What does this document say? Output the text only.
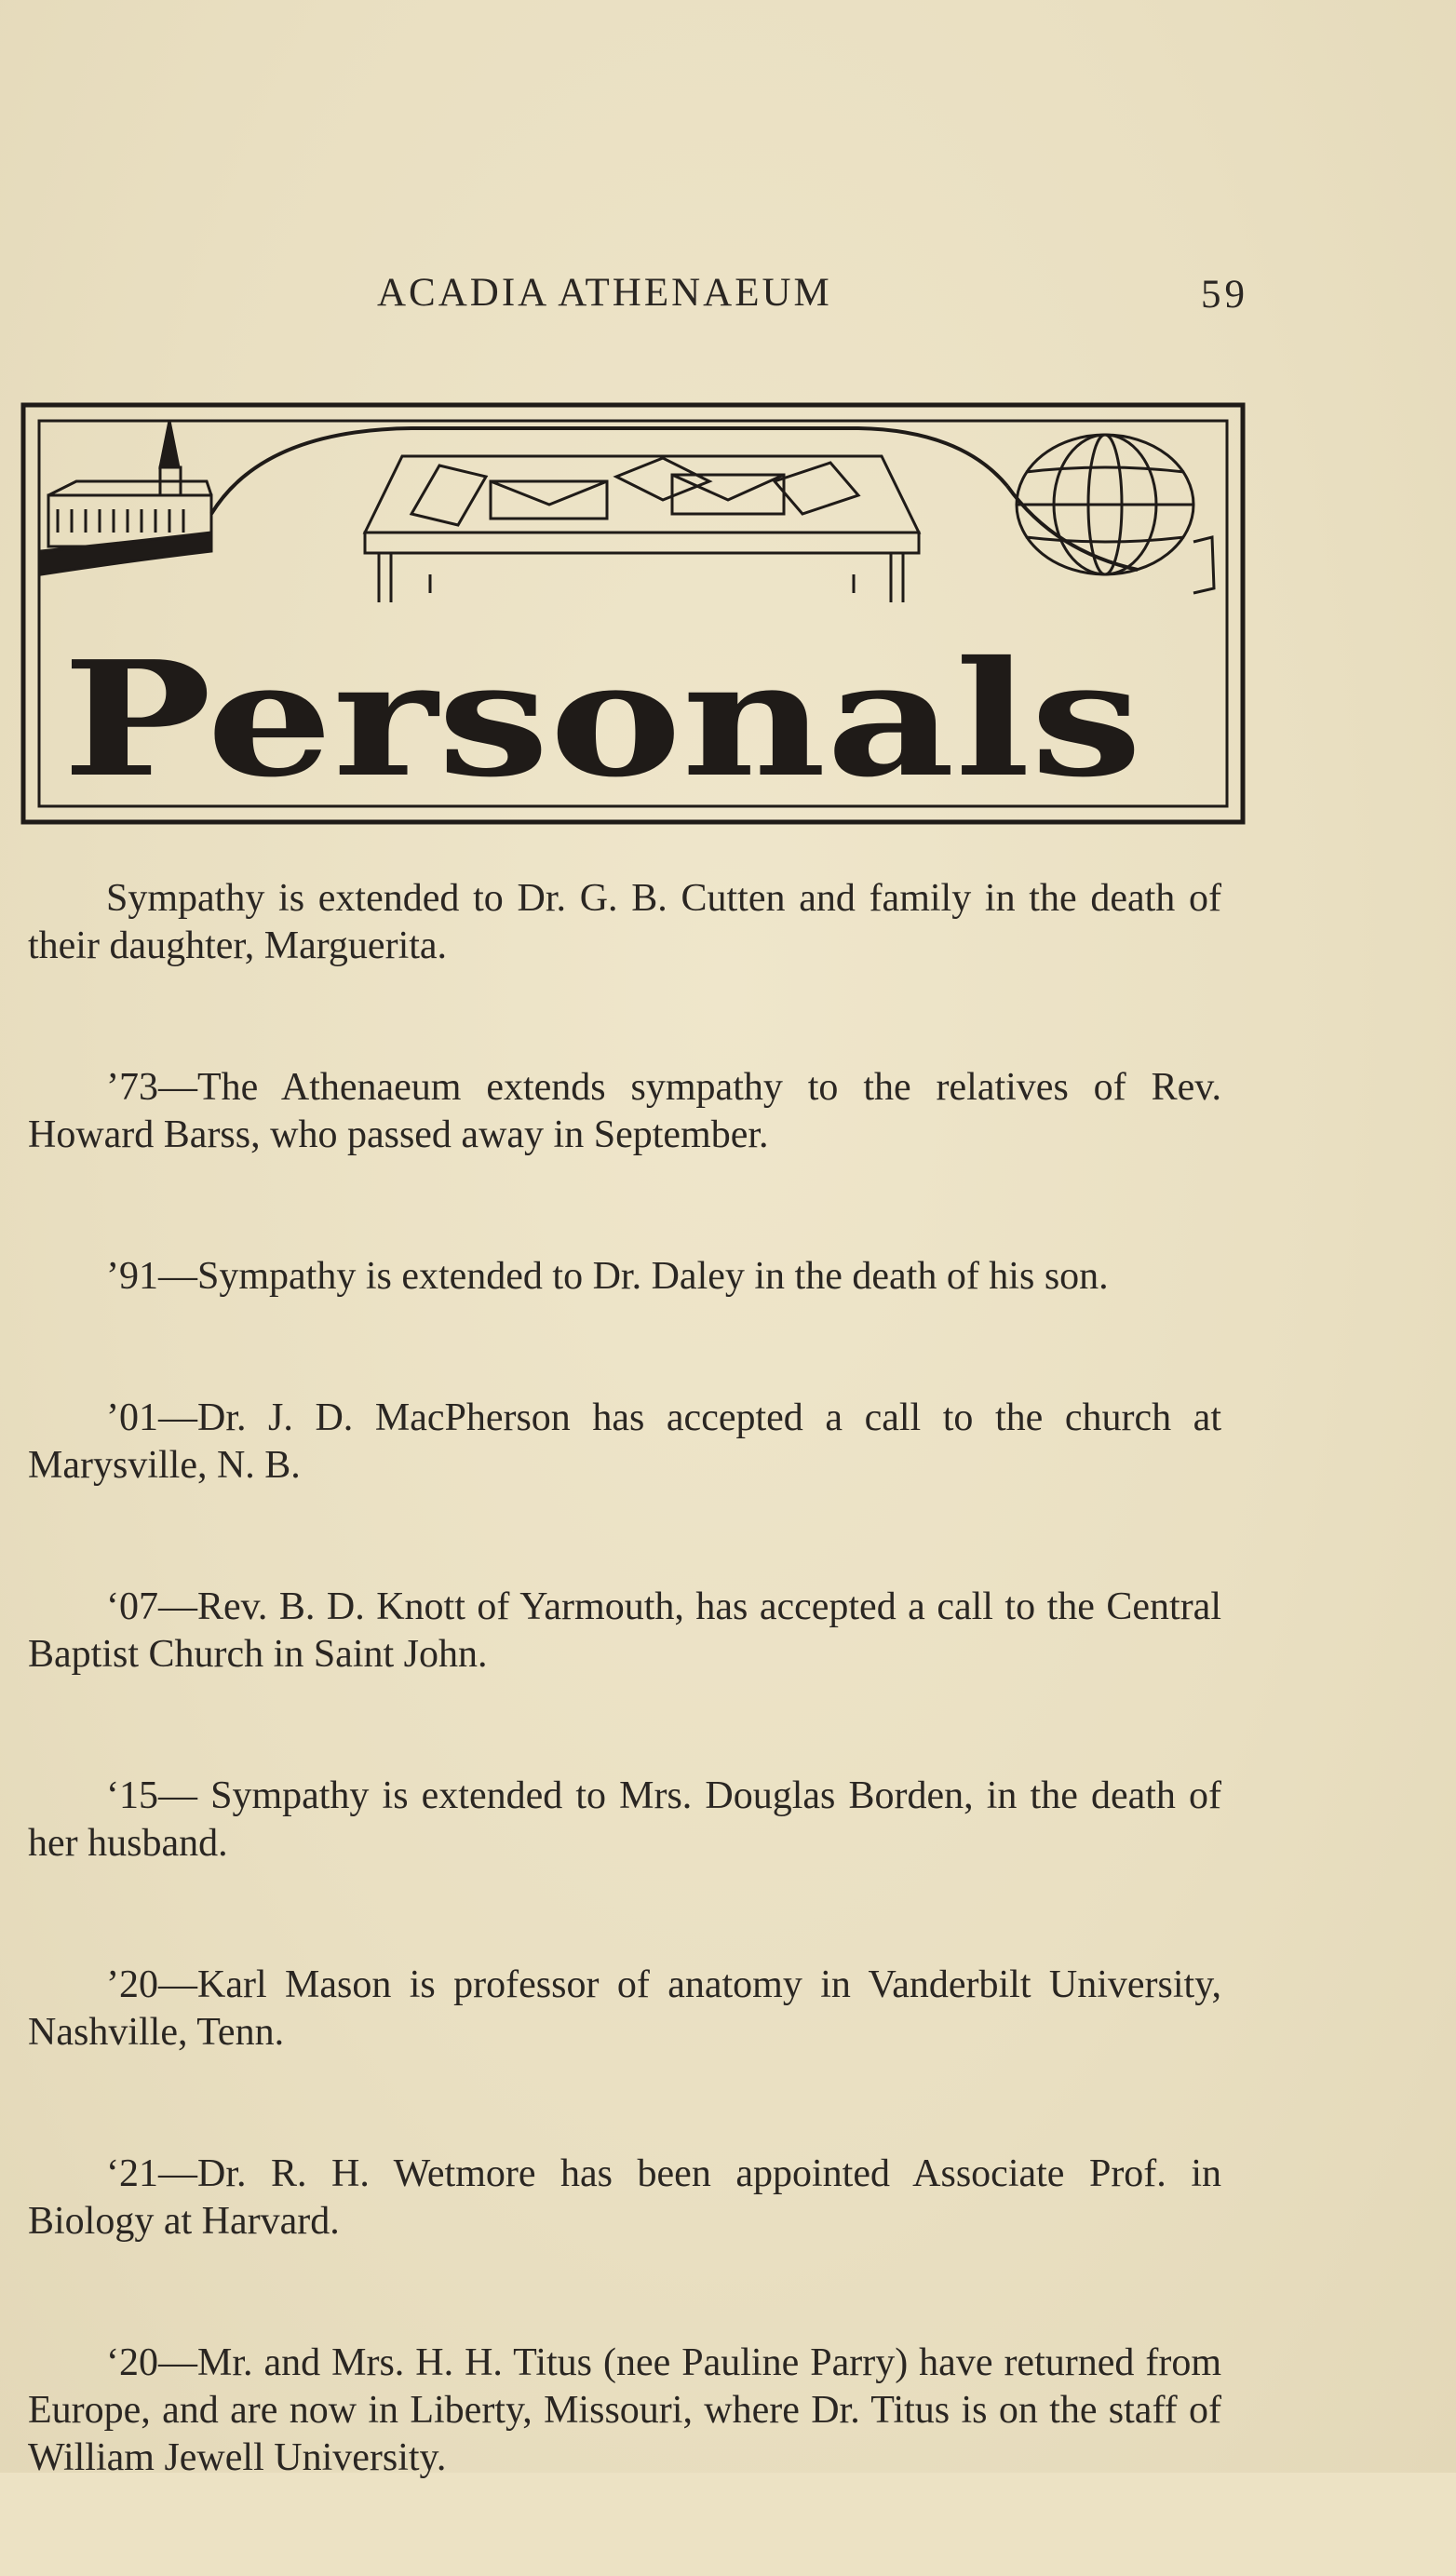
ACADIA ATHENAEUM	59
Personals

Sympathy is extended to Dr. G. B. Cutten and family in the death of their daughter, Marguerita.

’73—The Athenaeum extends sympathy to the relatives of Rev. Howard Barss, who passed away in September.

’91—Sympathy is extended to Dr. Daley in the death of his son.

’01—Dr. J. D. MacPherson has accepted a call to the church at Marysville, N. B.

‘07—Rev. B. D. Knott of Yarmouth, has accepted a call to the Central Baptist Church in Saint John.

‘15— Sympathy is extended to Mrs. Douglas Borden, in the death of her husband.

’20—Karl Mason is professor of anatomy in Vanderbilt University, Nashville, Tenn.

‘21—Dr. R. H. Wetmore has been appointed Associate Prof. in Biology at Harvard.

‘20—Mr. and Mrs. H. H. Titus (nee Pauline Parry) have returned from Europe, and are now in Liberty, Missouri, where Dr. Titus is on the staff of William Jewell University.
